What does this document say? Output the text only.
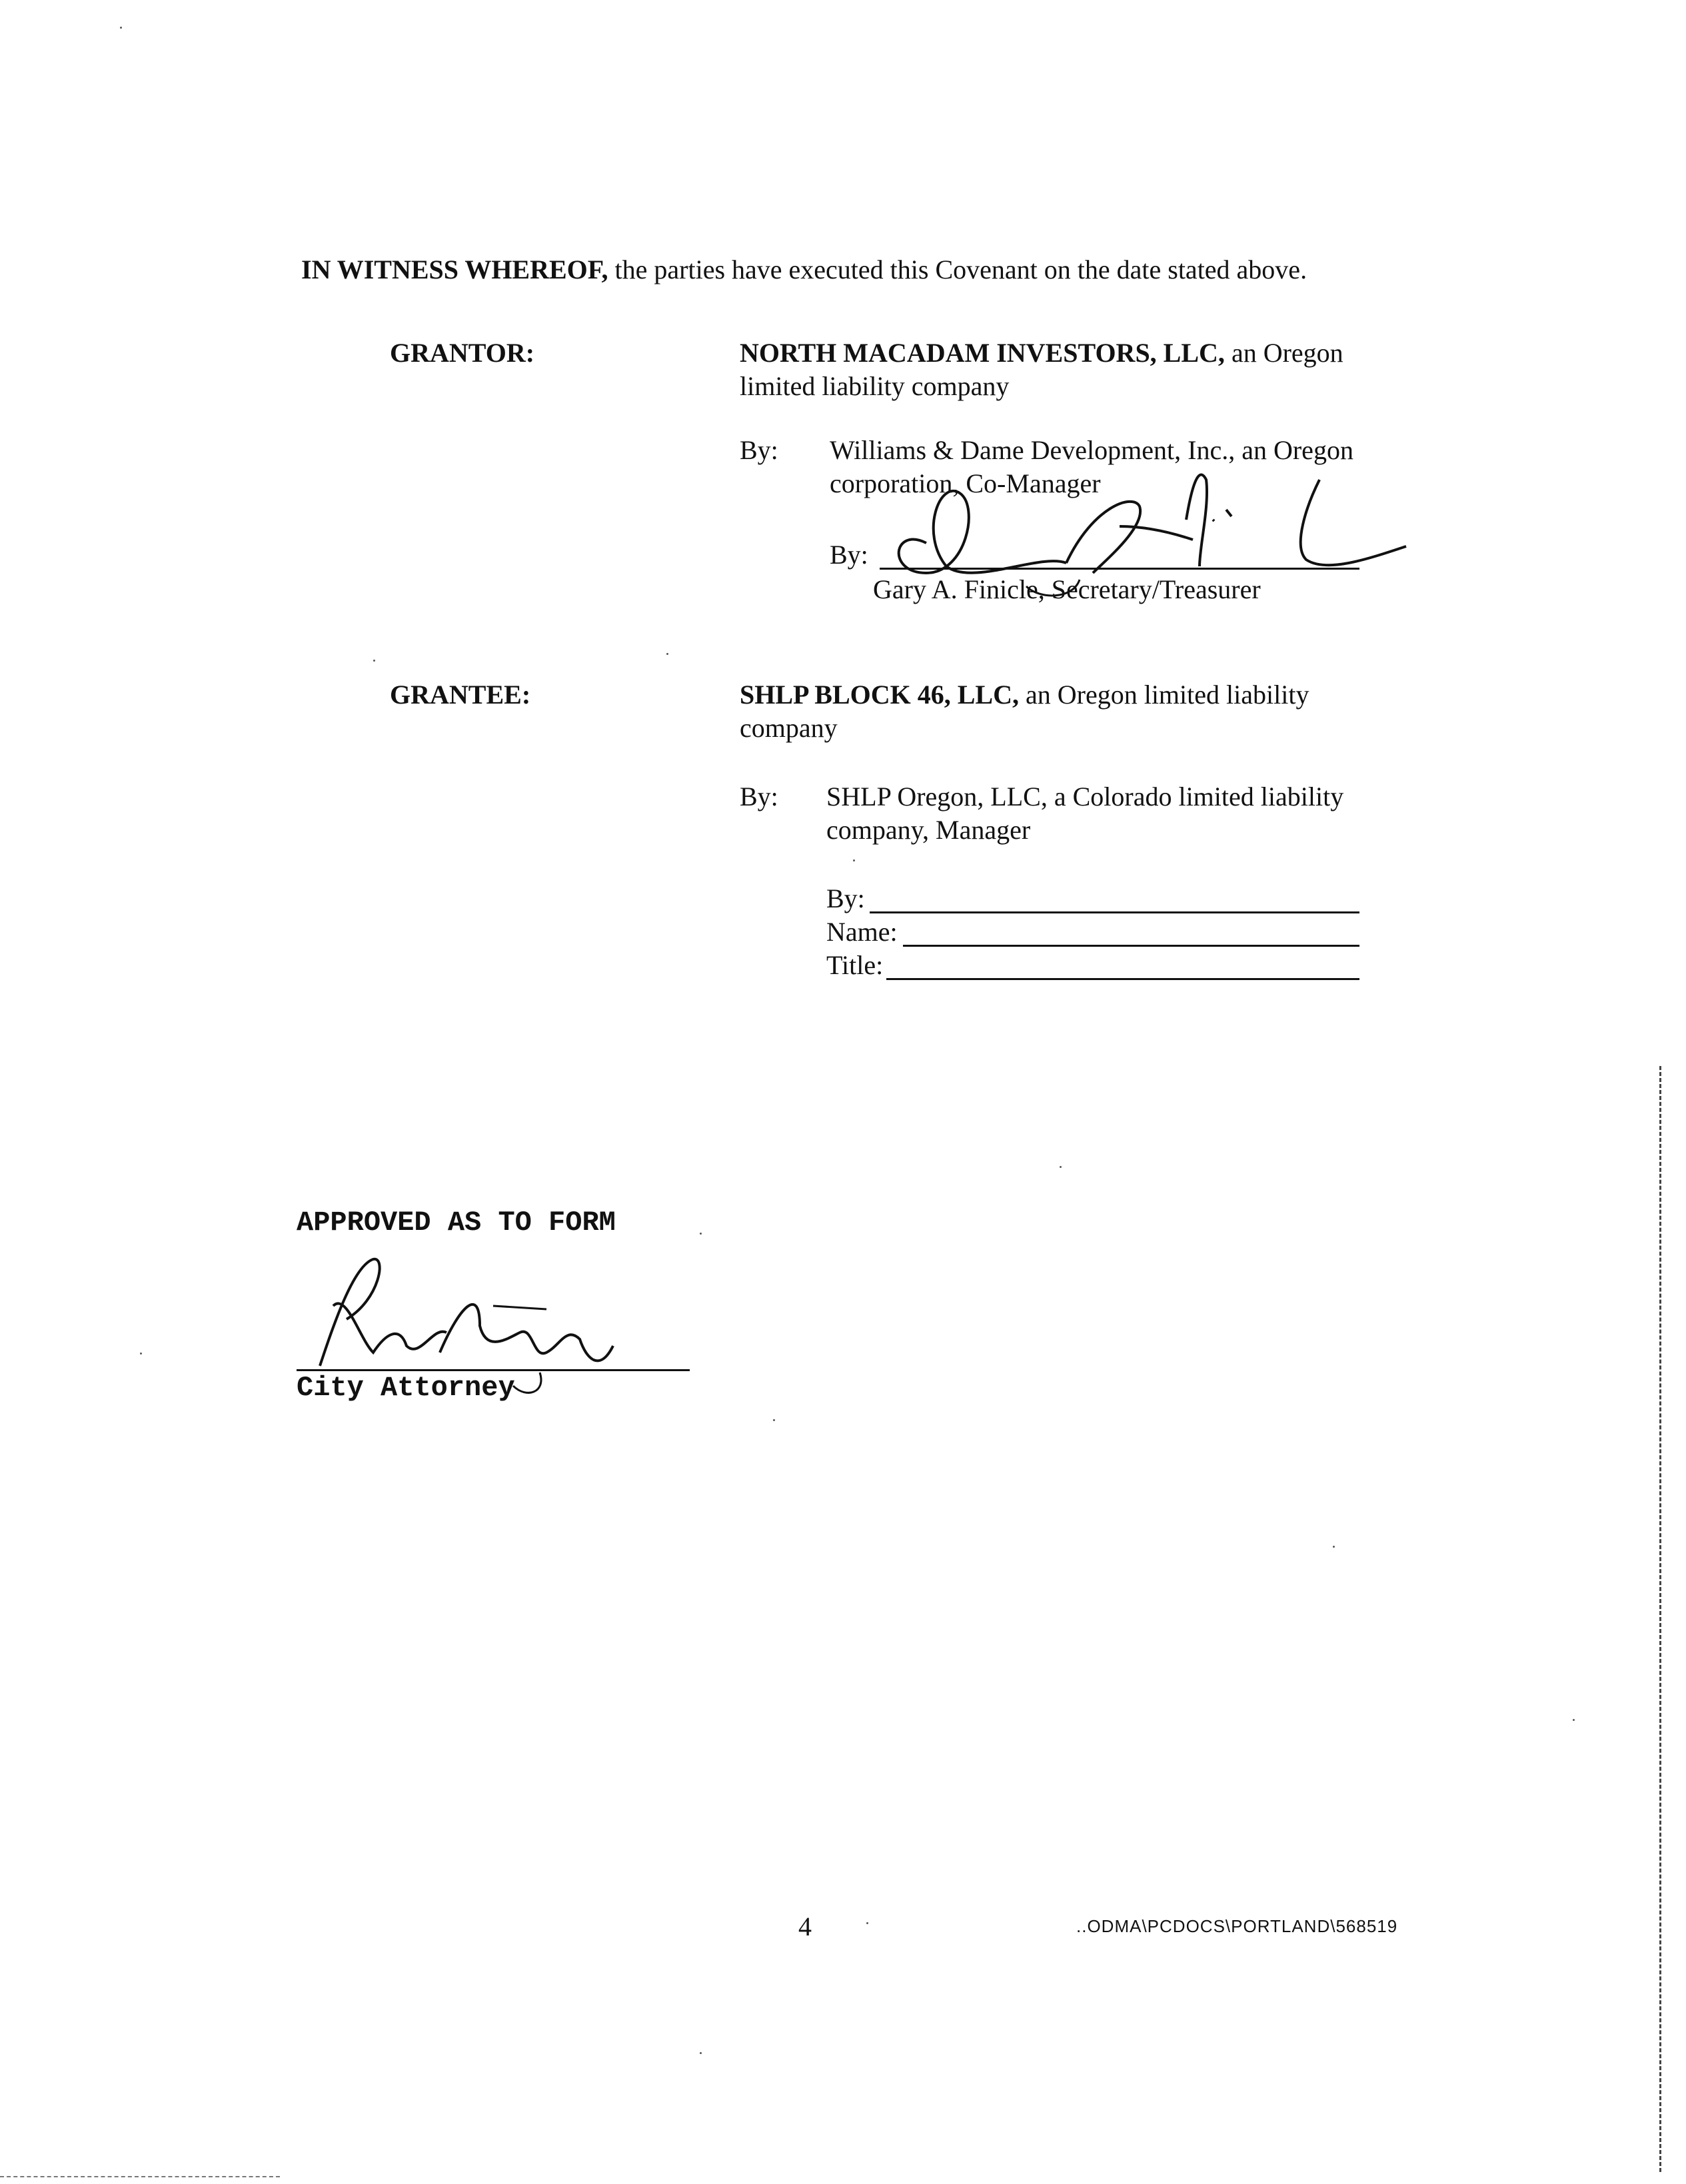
IN WITNESS WHEREOF, the parties have executed this Covenant on the date stated above.
GRANTOR:	NORTH MACADAM INVESTORS, LLC, an Oregon
limited liability company
By: Williams & Dame Development, Inc., an Oregon
corporation, Co-Manager
By:
Gary A. Finicle, Secretary/Treasurer
GRANTEE:	SHLP BLOCK 46, LLC, an Oregon limited liability
company
By: SHLP Oregon, LLC, a Colorado limited liability
company, Manager
By:
Name:
Title:
APPROVED AS TO FORM
City Attorney
4	..ODMA\PCDOCS\PORTLAND\568519
